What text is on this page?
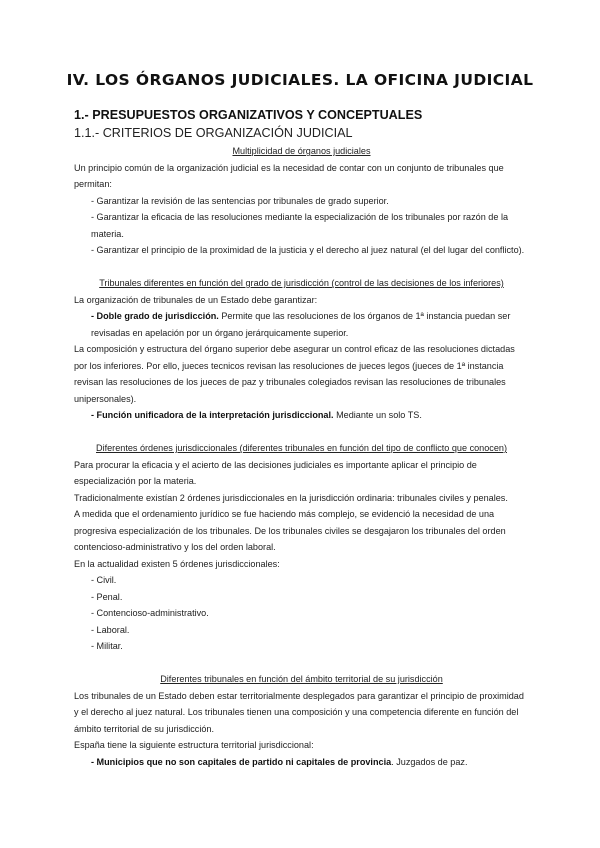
IV. LOS ÓRGANOS JUDICIALES. LA OFICINA JUDICIAL
1.- PRESUPUESTOS ORGANIZATIVOS Y CONCEPTUALES
1.1.- CRITERIOS DE ORGANIZACIÓN JUDICIAL

Multiplicidad de órganos judiciales

Un principio común de la organización judicial es la necesidad de contar con un conjunto de tribunales que permitan:

- Garantizar la revisión de las sentencias por tribunales de grado superior.

- Garantizar la eficacia de las resoluciones mediante la especialización de los tribunales por razón de la materia.

- Garantizar el principio de la proximidad de la justicia y el derecho al juez natural (el del lugar del conflicto).

Tribunales diferentes en función del grado de jurisdicción (control de las decisiones de los inferiores)

La organización de tribunales de un Estado debe garantizar:

- Doble grado de jurisdicción. Permite que las resoluciones de los órganos de 1ª instancia puedan ser revisadas en apelación por un órgano jerárquicamente superior.

La composición y estructura del órgano superior debe asegurar un control eficaz de las resoluciones dictadas por los inferiores. Por ello, jueces tecnicos revisan las resoluciones de jueces legos (jueces de 1ª instancia revisan las resoluciones de los jueces de paz y tribunales colegiados revisan las resoluciones de tribunales unipersonales).

- Función unificadora de la interpretación jurisdiccional. Mediante un solo TS.

Diferentes órdenes jurisdiccionales (diferentes tribunales en función del tipo de conflicto que conocen)

Para procurar la eficacia y el acierto de las decisiones judiciales es importante aplicar el principio de especialización por la materia.

Tradicionalmente existían 2 órdenes jurisdiccionales en la jurisdicción ordinaria: tribunales civiles y penales.

A medida que el ordenamiento jurídico se fue haciendo más complejo, se evidenció la necesidad de una progresiva especialización de los tribunales. De los tribunales civiles se desgajaron los tribunales del orden contencioso-administrativo y los del orden laboral.

En la actualidad existen 5 órdenes jurisdiccionales:

- Civil.

- Penal.

- Contencioso-administrativo.

- Laboral.

- Militar.

Diferentes tribunales en función del ámbito territorial de su jurisdicción

Los tribunales de un Estado deben estar territorialmente desplegados para garantizar el principio de proximidad y el derecho al juez natural. Los tribunales tienen una composición y una competencia diferente en función del ámbito territorial de su jurisdicción.

España tiene la siguiente estructura territorial jurisdiccional:

- Municipios que no son capitales de partido ni capitales de provincia. Juzgados de paz.
